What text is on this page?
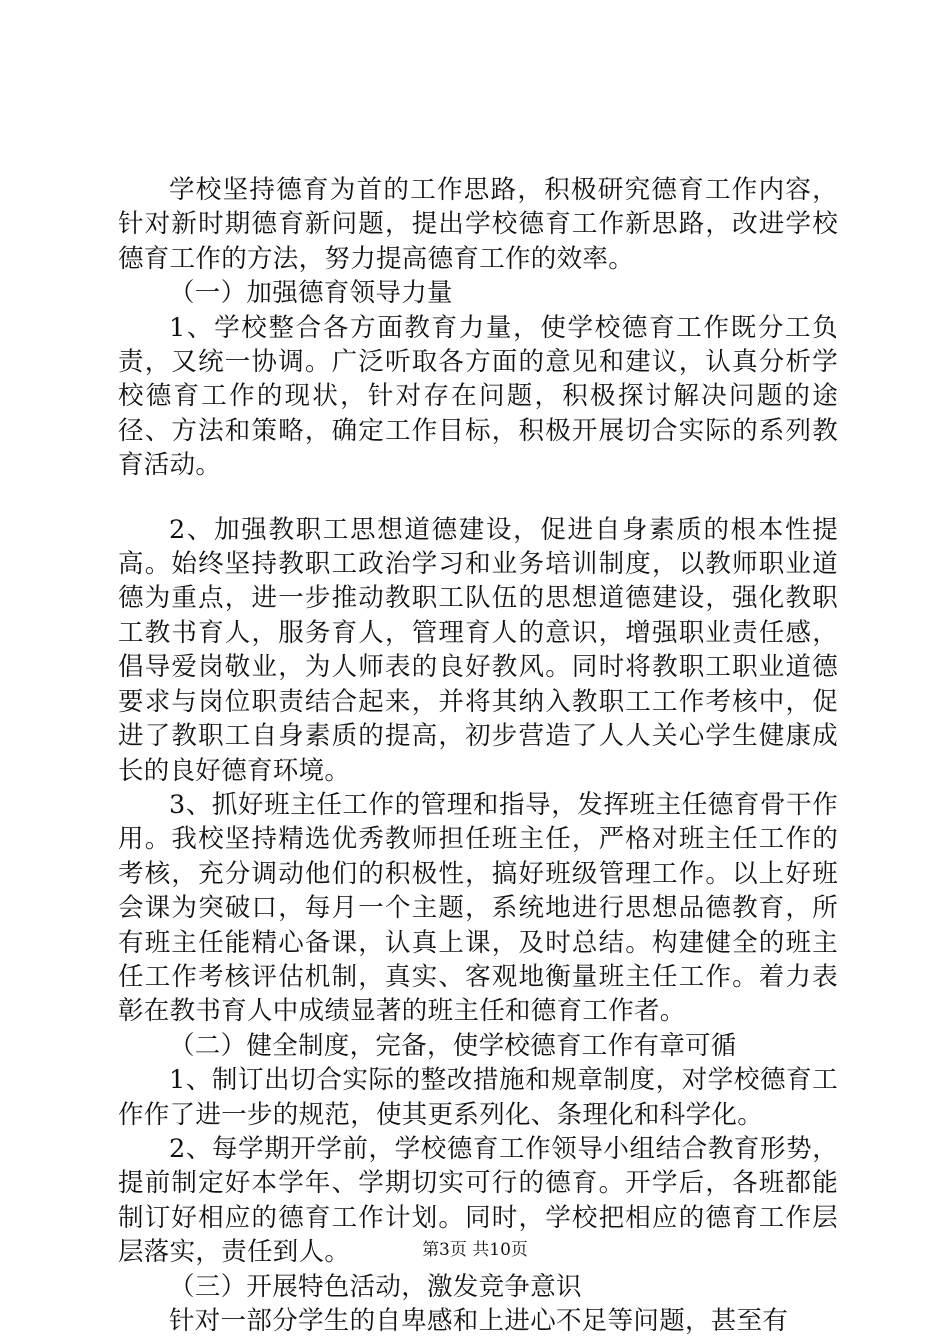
学校坚持德育为首的工作思路，积极研究德育工作内容，针对新时期德育新问题，提出学校德育工作新思路，改进学校德育工作的方法，努力提高德育工作的效率。

（一）加强德育领导力量

1、学校整合各方面教育力量，使学校德育工作既分工负责，又统一协调。广泛听取各方面的意见和建议，认真分析学校德育工作的现状，针对存在问题，积极探讨解决问题的途径、方法和策略，确定工作目标，积极开展切合实际的系列教育活动。

2、加强教职工思想道德建设，促进自身素质的根本性提高。始终坚持教职工政治学习和业务培训制度，以教师职业道德为重点，进一步推动教职工队伍的思想道德建设，强化教职工教书育人，服务育人，管理育人的意识，增强职业责任感，倡导爱岗敬业，为人师表的良好教风。同时将教职工职业道德要求与岗位职责结合起来，并将其纳入教职工工作考核中，促进了教职工自身素质的提高，初步营造了人人关心学生健康成长的良好德育环境。

3、抓好班主任工作的管理和指导，发挥班主任德育骨干作用。我校坚持精选优秀教师担任班主任，严格对班主任工作的考核，充分调动他们的积极性，搞好班级管理工作。以上好班会课为突破口，每月一个主题，系统地进行思想品德教育，所有班主任能精心备课，认真上课，及时总结。构建健全的班主任工作考核评估机制，真实、客观地衡量班主任工作。着力表彰在教书育人中成绩显著的班主任和德育工作者。

（二）健全制度，完备，使学校德育工作有章可循

1、制订出切合实际的整改措施和规章制度，对学校德育工作作了进一步的规范，使其更系列化、条理化和科学化。

2、每学期开学前，学校德育工作领导小组结合教育形势，提前制定好本学年、学期切实可行的德育。开学后，各班都能制订好相应的德育工作计划。同时，学校把相应的德育工作层层落实，责任到人。

（三）开展特色活动，激发竞争意识

针对一部分学生的自卑感和上进心不足等问题，甚至有

第3页 共10页
